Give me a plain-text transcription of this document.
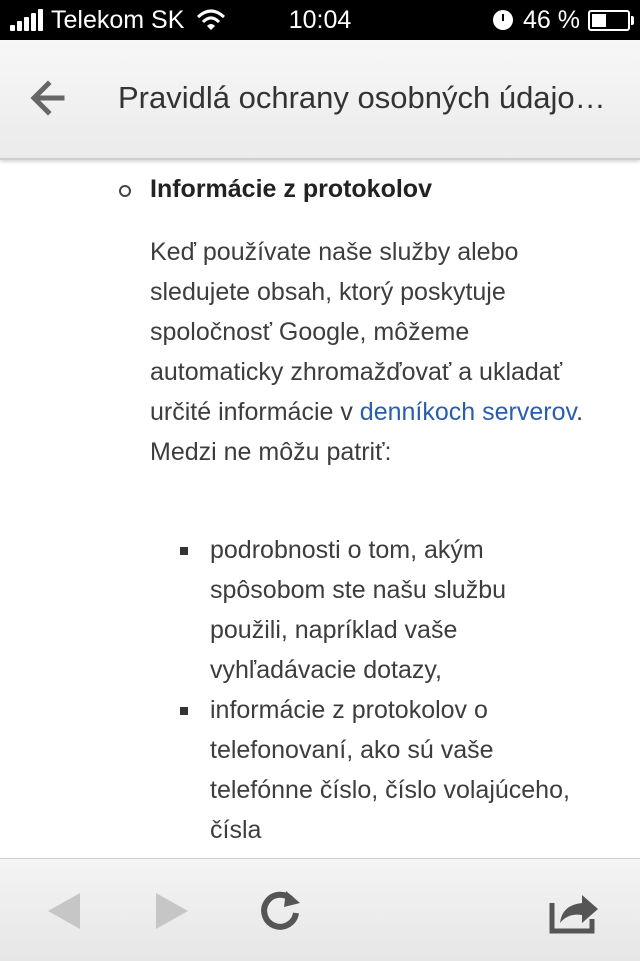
Telekom SK	10:04	46 %
Pravidlá ochrany osobných údajo…
Informácie z protokolov
Keď používate naše služby alebo sledujete obsah, ktorý poskytuje spoločnosť Google, môžeme automaticky zhromažďovať a ukladať určité informácie v denníkoch serverov. Medzi ne môžu patriť:
podrobnosti o tom, akým spôsobom ste našu službu použili, napríklad vaše vyhľadávacie dotazy,
informácie z protokolov o telefonovaní, ako sú vaše telefónne číslo, číslo volajúceho, čísla
